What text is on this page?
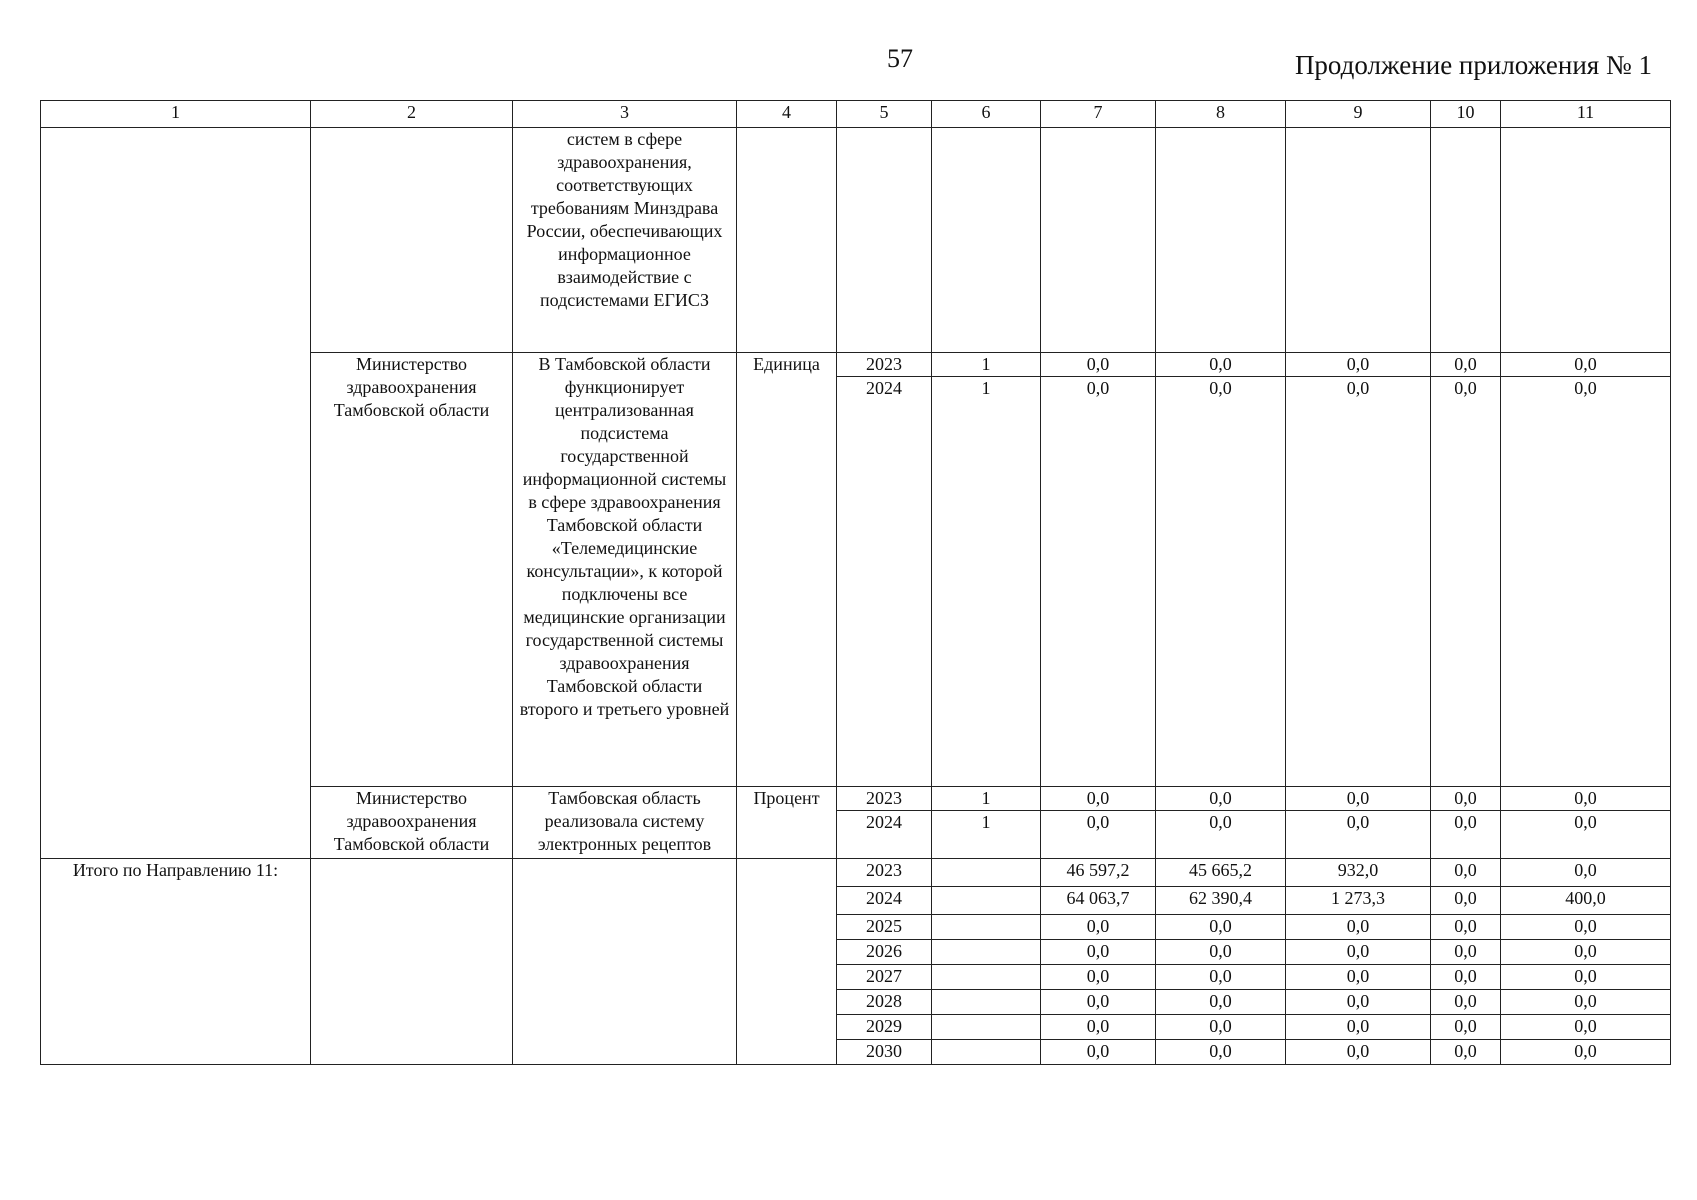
57	Продолжение приложения № 1
1	2	3	4	5	6	7	8	9	10	11
		систем в сфере здравоохранения, соответствующих требованиям Минздрава России, обеспечивающих информационное взаимодействие с подсистемами ЕГИСЗ								
	Министерство здравоохранения Тамбовской области	В Тамбовской области функционирует централизованная подсистема государственной информационной системы в сфере здравоохранения Тамбовской области «Телемедицинские консультации», к которой подключены все медицинские организации государственной системы здравоохранения Тамбовской области второго и третьего уровней	Единица	2023	1	0,0	0,0	0,0	0,0	0,0
				2024	1	0,0	0,0	0,0	0,0	0,0

	Министерство здравоохранения Тамбовской области	Тамбовская область реализовала систему электронных рецептов	Процент	2023	1	0,0	0,0	0,0	0,0	0,0
				2024	1	0,0	0,0	0,0	0,0	0,0

Итого по Направлению 11:				2023		46 597,2	45 665,2	932,0	0,0	0,0
				2024		64 063,7	62 390,4	1 273,3	0,0	400,0
				2025		0,0	0,0	0,0	0,0	0,0
				2026		0,0	0,0	0,0	0,0	0,0
				2027		0,0	0,0	0,0	0,0	0,0
				2028		0,0	0,0	0,0	0,0	0,0
				2029		0,0	0,0	0,0	0,0	0,0
				2030		0,0	0,0	0,0	0,0	0,0
